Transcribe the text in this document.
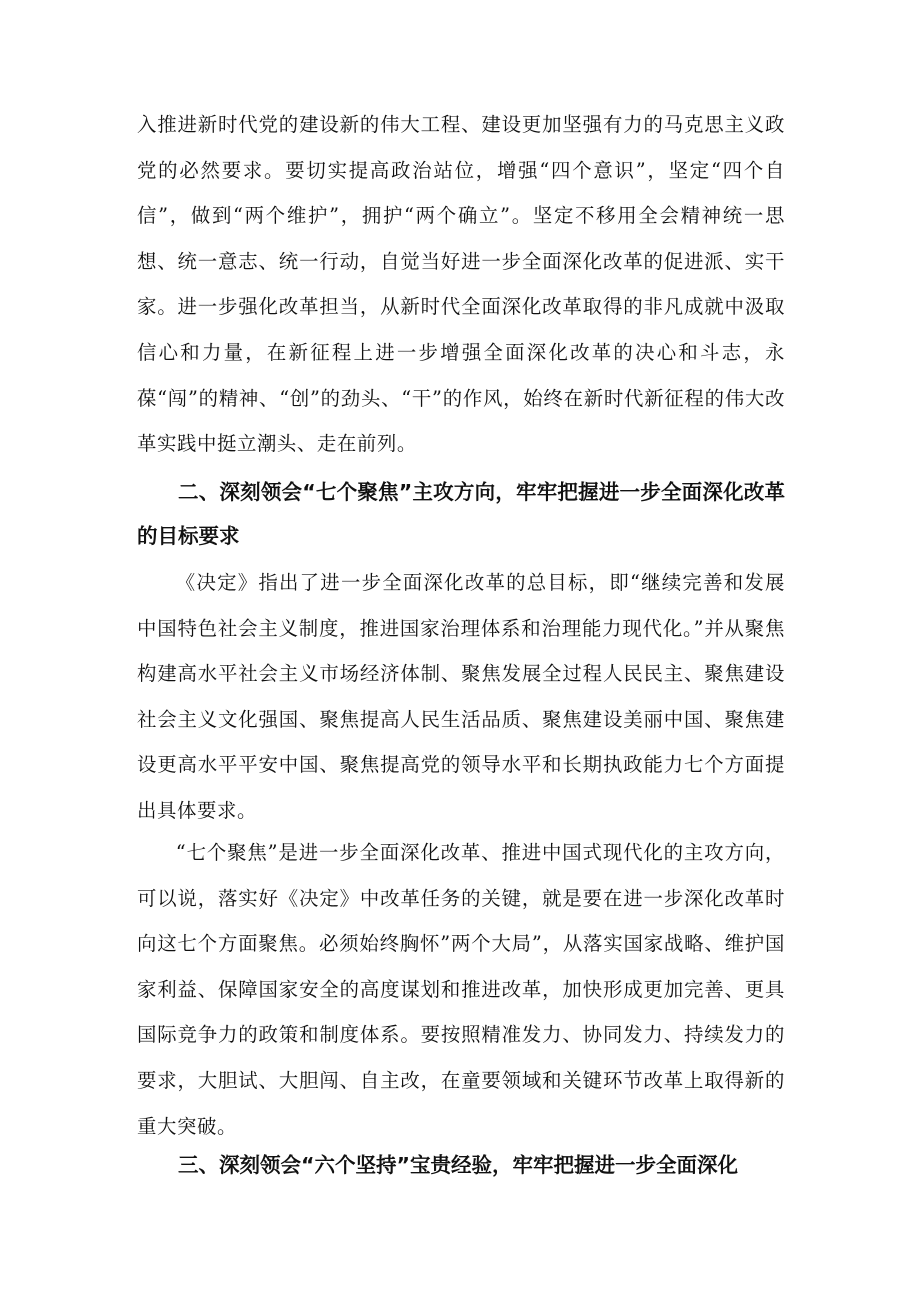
入推进新时代党的建设新的伟大工程、建设更加坚强有力的马克思主义政党的必然要求。要切实提高政治站位，增强“四个意识”，坚定“四个自信”，做到“两个维护”，拥护“两个确立”。坚定不移用全会精神统一思想、统一意志、统一行动，自觉当好进一步全面深化改革的促进派、实干家。进一步强化改革担当，从新时代全面深化改革取得的非凡成就中汲取信心和力量，在新征程上进一步增强全面深化改革的决心和斗志，永葆“闯”的精神、“创”的劲头、“干”的作风，始终在新时代新征程的伟大改革实践中挺立潮头、走在前列。

二、深刻领会“七个聚焦”主攻方向，牢牢把握进一步全面深化改革的目标要求

《决定》指出了进一步全面深化改革的总目标，即“继续完善和发展中国特色社会主义制度，推进国家治理体系和治理能力现代化。”并从聚焦构建高水平社会主义市场经济体制、聚焦发展全过程人民民主、聚焦建设社会主义文化强国、聚焦提高人民生活品质、聚焦建设美丽中国、聚焦建设更高水平平安中国、聚焦提高党的领导水平和长期执政能力七个方面提出具体要求。

“七个聚焦”是进一步全面深化改革、推进中国式现代化的主攻方向，可以说，落实好《决定》中改革任务的关键，就是要在进一步深化改革时向这七个方面聚焦。必须始终胸怀”两个大局”，从落实国家战略、维护国家利益、保障国家安全的高度谋划和推进改革，加快形成更加完善、更具国际竞争力的政策和制度体系。要按照精准发力、协同发力、持续发力的要求，大胆试、大胆闯、自主改，在童要领域和关键环节改革上取得新的重大突破。

三、深刻领会“六个坚持”宝贵经验，牢牢把握进一步全面深化
